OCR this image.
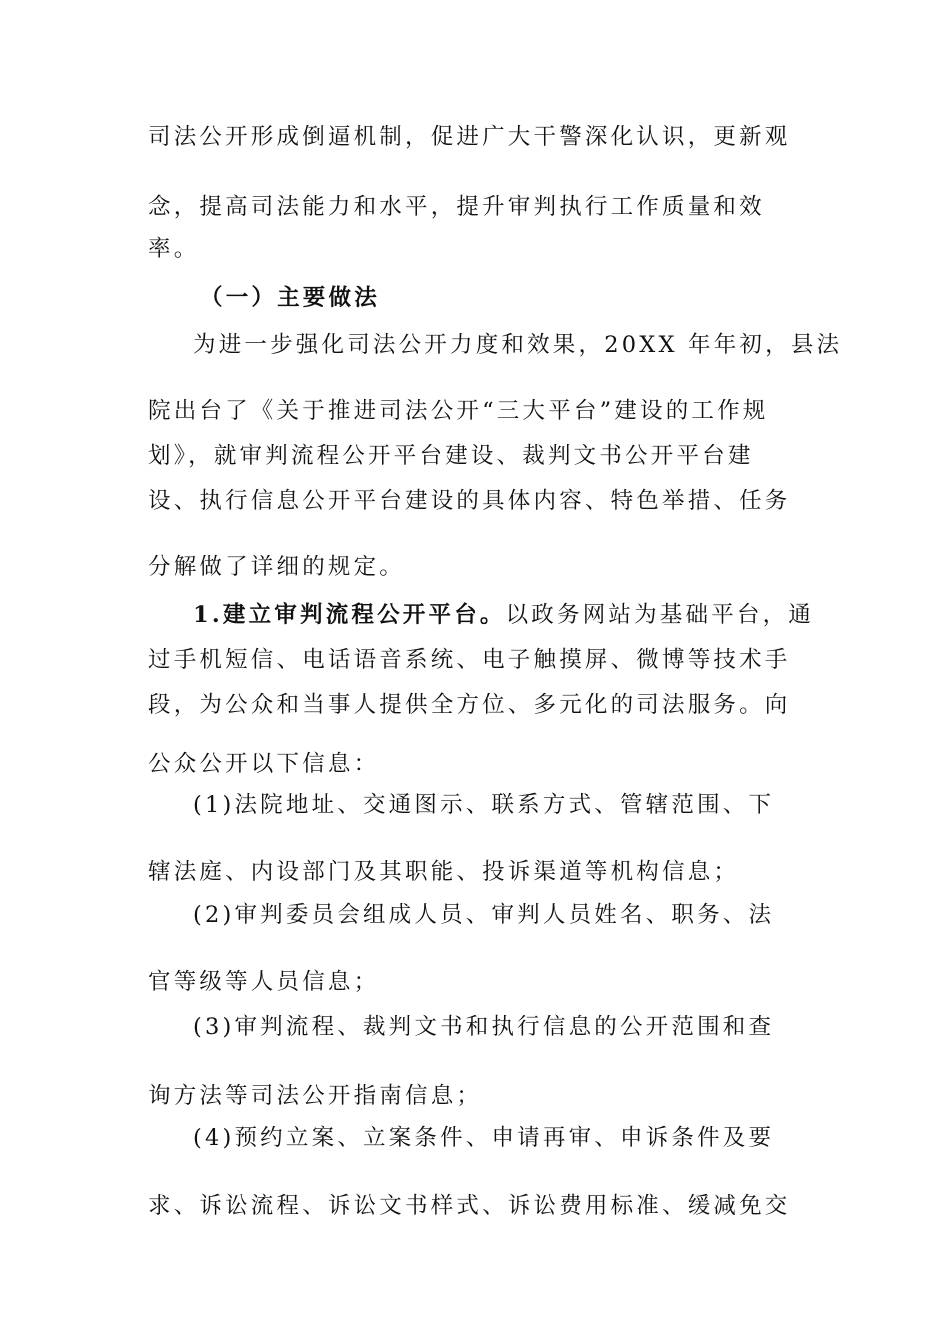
司法公开形成倒逼机制，促进广大干警深化认识，更新观
念，提高司法能力和水平，提升审判执行工作质量和效
率。
（一）主要做法
为进一步强化司法公开力度和效果，20XX 年年初，县法
院出台了《关于推进司法公开“三大平台”建设的工作规
划》，就审判流程公开平台建设、裁判文书公开平台建
设、执行信息公开平台建设的具体内容、特色举措、任务
分解做了详细的规定。
1.建立审判流程公开平台。以政务网站为基础平台，通
过手机短信、电话语音系统、电子触摸屏、微博等技术手
段，为公众和当事人提供全方位、多元化的司法服务。向
公众公开以下信息：
(1)法院地址、交通图示、联系方式、管辖范围、下
辖法庭、内设部门及其职能、投诉渠道等机构信息；
(2)审判委员会组成人员、审判人员姓名、职务、法
官等级等人员信息；
(3)审判流程、裁判文书和执行信息的公开范围和查
询方法等司法公开指南信息；
(4)预约立案、立案条件、申请再审、申诉条件及要
求、诉讼流程、诉讼文书样式、诉讼费用标准、缓减免交
